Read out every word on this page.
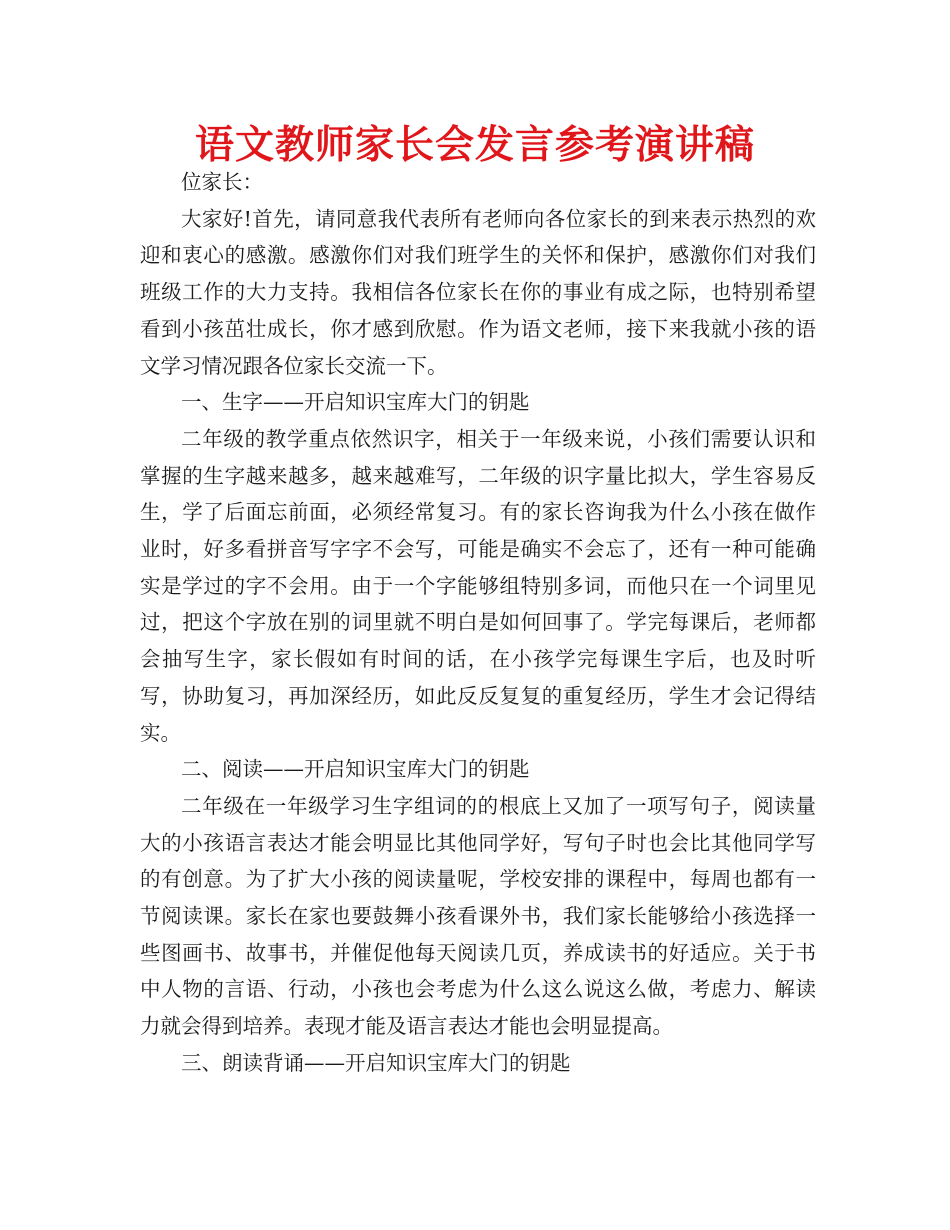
语文教师家长会发言参考演讲稿

位家长：

大家好!首先，请同意我代表所有老师向各位家长的到来表示热烈的欢迎和衷心的感激。感激你们对我们班学生的关怀和保护，感激你们对我们班级工作的大力支持。我相信各位家长在你的事业有成之际，也特别希望看到小孩茁壮成长，你才感到欣慰。作为语文老师，接下来我就小孩的语文学习情况跟各位家长交流一下。

一、生字——开启知识宝库大门的钥匙

二年级的教学重点依然识字，相关于一年级来说，小孩们需要认识和掌握的生字越来越多，越来越难写，二年级的识字量比拟大，学生容易反生，学了后面忘前面，必须经常复习。有的家长咨询我为什么小孩在做作业时，好多看拼音写字字不会写，可能是确实不会忘了，还有一种可能确实是学过的字不会用。由于一个字能够组特别多词，而他只在一个词里见过，把这个字放在别的词里就不明白是如何回事了。学完每课后，老师都会抽写生字，家长假如有时间的话，在小孩学完每课生字后，也及时听写，协助复习，再加深经历，如此反反复复的重复经历，学生才会记得结实。

二、阅读——开启知识宝库大门的钥匙

二年级在一年级学习生字组词的的根底上又加了一项写句子，阅读量大的小孩语言表达才能会明显比其他同学好，写句子时也会比其他同学写的有创意。为了扩大小孩的阅读量呢，学校安排的课程中，每周也都有一节阅读课。家长在家也要鼓舞小孩看课外书，我们家长能够给小孩选择一些图画书、故事书，并催促他每天阅读几页，养成读书的好适应。关于书中人物的言语、行动，小孩也会考虑为什么这么说这么做，考虑力、解读力就会得到培养。表现才能及语言表达才能也会明显提高。

三、朗读背诵——开启知识宝库大门的钥匙
